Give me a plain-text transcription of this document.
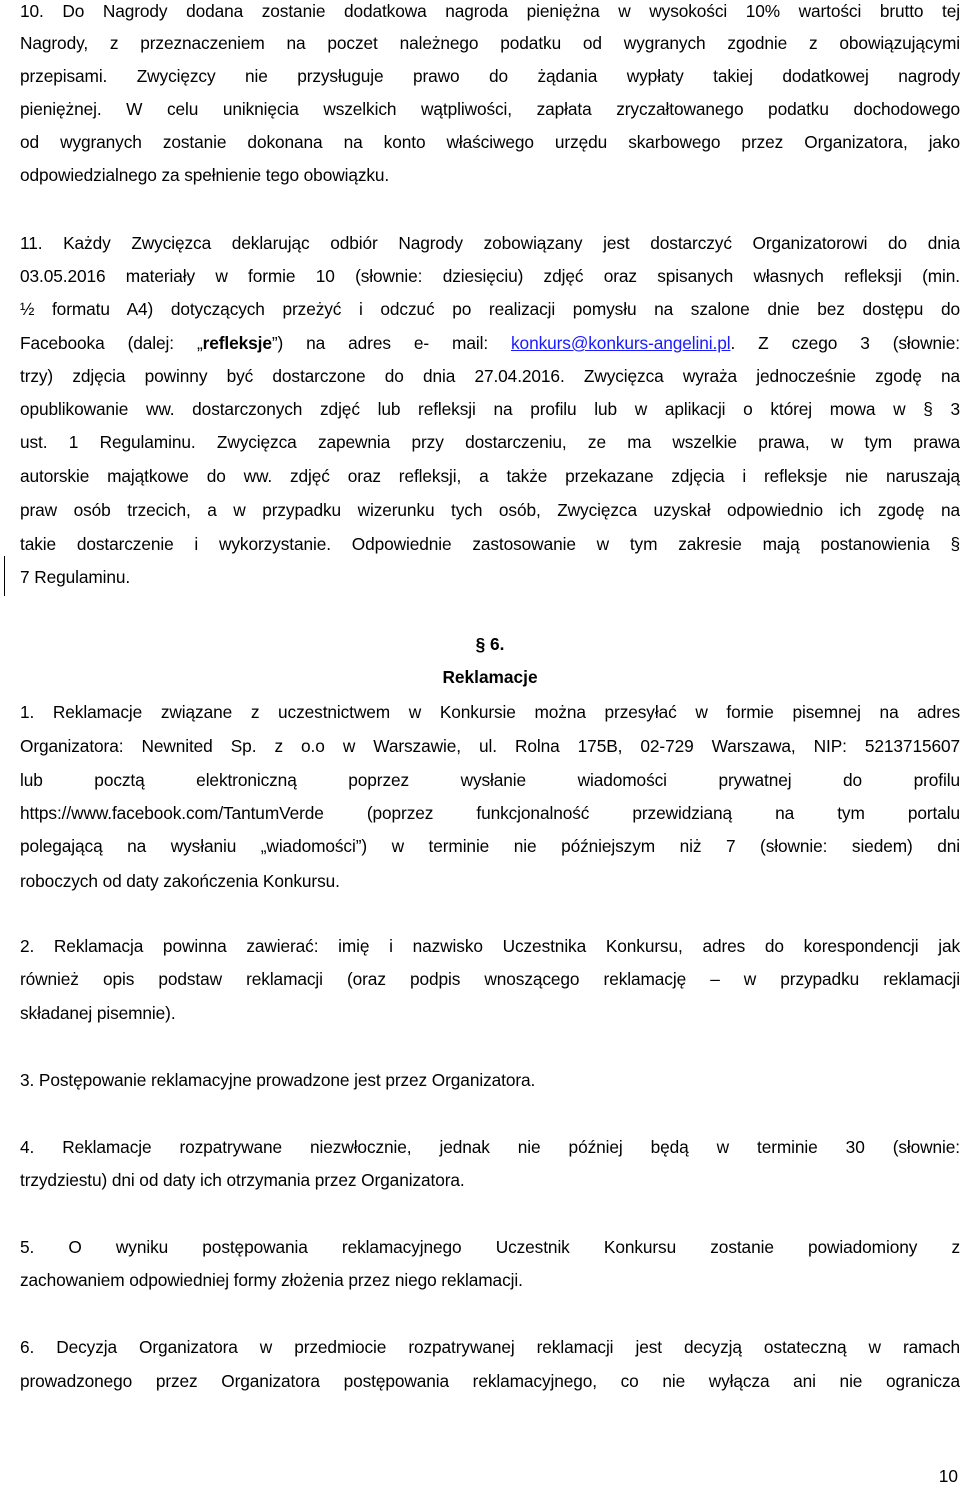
10. Do Nagrody dodana zostanie dodatkowa nagroda pieniężna w wysokości 10% wartości brutto tej
Nagrody, z przeznaczeniem na poczet należnego podatku od wygranych zgodnie z obowiązującymi
przepisami. Zwycięzcy nie przysługuje prawo do żądania wypłaty takiej dodatkowej nagrody
pieniężnej. W celu uniknięcia wszelkich wątpliwości, zapłata zryczałtowanego podatku dochodowego
od wygranych zostanie dokonana na konto właściwego urzędu skarbowego przez Organizatora, jako
odpowiedzialnego za spełnienie tego obowiązku.
11. Każdy Zwycięzca deklarując odbiór Nagrody zobowiązany jest dostarczyć Organizatorowi do dnia
03.05.2016 materiały w formie 10 (słownie: dziesięciu) zdjęć oraz spisanych własnych refleksji (min.
½ formatu A4) dotyczących przeżyć i odczuć po realizacji pomysłu na szalone dnie bez dostępu do
Facebooka (dalej: „refleksje”) na adres e- mail: konkurs@konkurs-angelini.pl. Z czego 3 (słownie:
trzy) zdjęcia powinny być dostarczone do dnia 27.04.2016. Zwycięzca wyraża jednocześnie zgodę na
opublikowanie ww. dostarczonych zdjęć lub refleksji na profilu lub w aplikacji o której mowa w § 3
ust. 1 Regulaminu. Zwycięzca zapewnia przy dostarczeniu, ze ma wszelkie prawa, w tym prawa
autorskie majątkowe do ww. zdjęć oraz refleksji, a także przekazane zdjęcia i refleksje nie naruszają
praw osób trzecich, a w przypadku wizerunku tych osób, Zwycięzca uzyskał odpowiednio ich zgodę na
takie dostarczenie i wykorzystanie. Odpowiednie zastosowanie w tym zakresie mają postanowienia §
7 Regulaminu.
§ 6.
Reklamacje
1. Reklamacje związane z uczestnictwem w Konkursie można przesyłać w formie pisemnej na adres
Organizatora: Newnited Sp. z o.o w Warszawie, ul. Rolna 175B, 02-729 Warszawa, NIP: 5213715607
lub pocztą elektroniczną poprzez wysłanie wiadomości prywatnej do profilu
https://www.facebook.com/TantumVerde (poprzez funkcjonalność przewidzianą na tym portalu
polegającą na wysłaniu „wiadomości”) w terminie nie późniejszym niż 7 (słownie: siedem) dni
roboczych od daty zakończenia Konkursu.
2. Reklamacja powinna zawierać: imię i nazwisko Uczestnika Konkursu, adres do korespondencji jak
również opis podstaw reklamacji (oraz podpis wnoszącego reklamację – w przypadku reklamacji
składanej pisemnie).
3. Postępowanie reklamacyjne prowadzone jest przez Organizatora.
4. Reklamacje rozpatrywane niezwłocznie, jednak nie później będą w terminie 30 (słownie:
trzydziestu) dni od daty ich otrzymania przez Organizatora.
5. O wyniku postępowania reklamacyjnego Uczestnik Konkursu zostanie powiadomiony z
zachowaniem odpowiedniej formy złożenia przez niego reklamacji.
6. Decyzja Organizatora w przedmiocie rozpatrywanej reklamacji jest decyzją ostateczną w ramach
prowadzonego przez Organizatora postępowania reklamacyjnego, co nie wyłącza ani nie ogranicza
10
